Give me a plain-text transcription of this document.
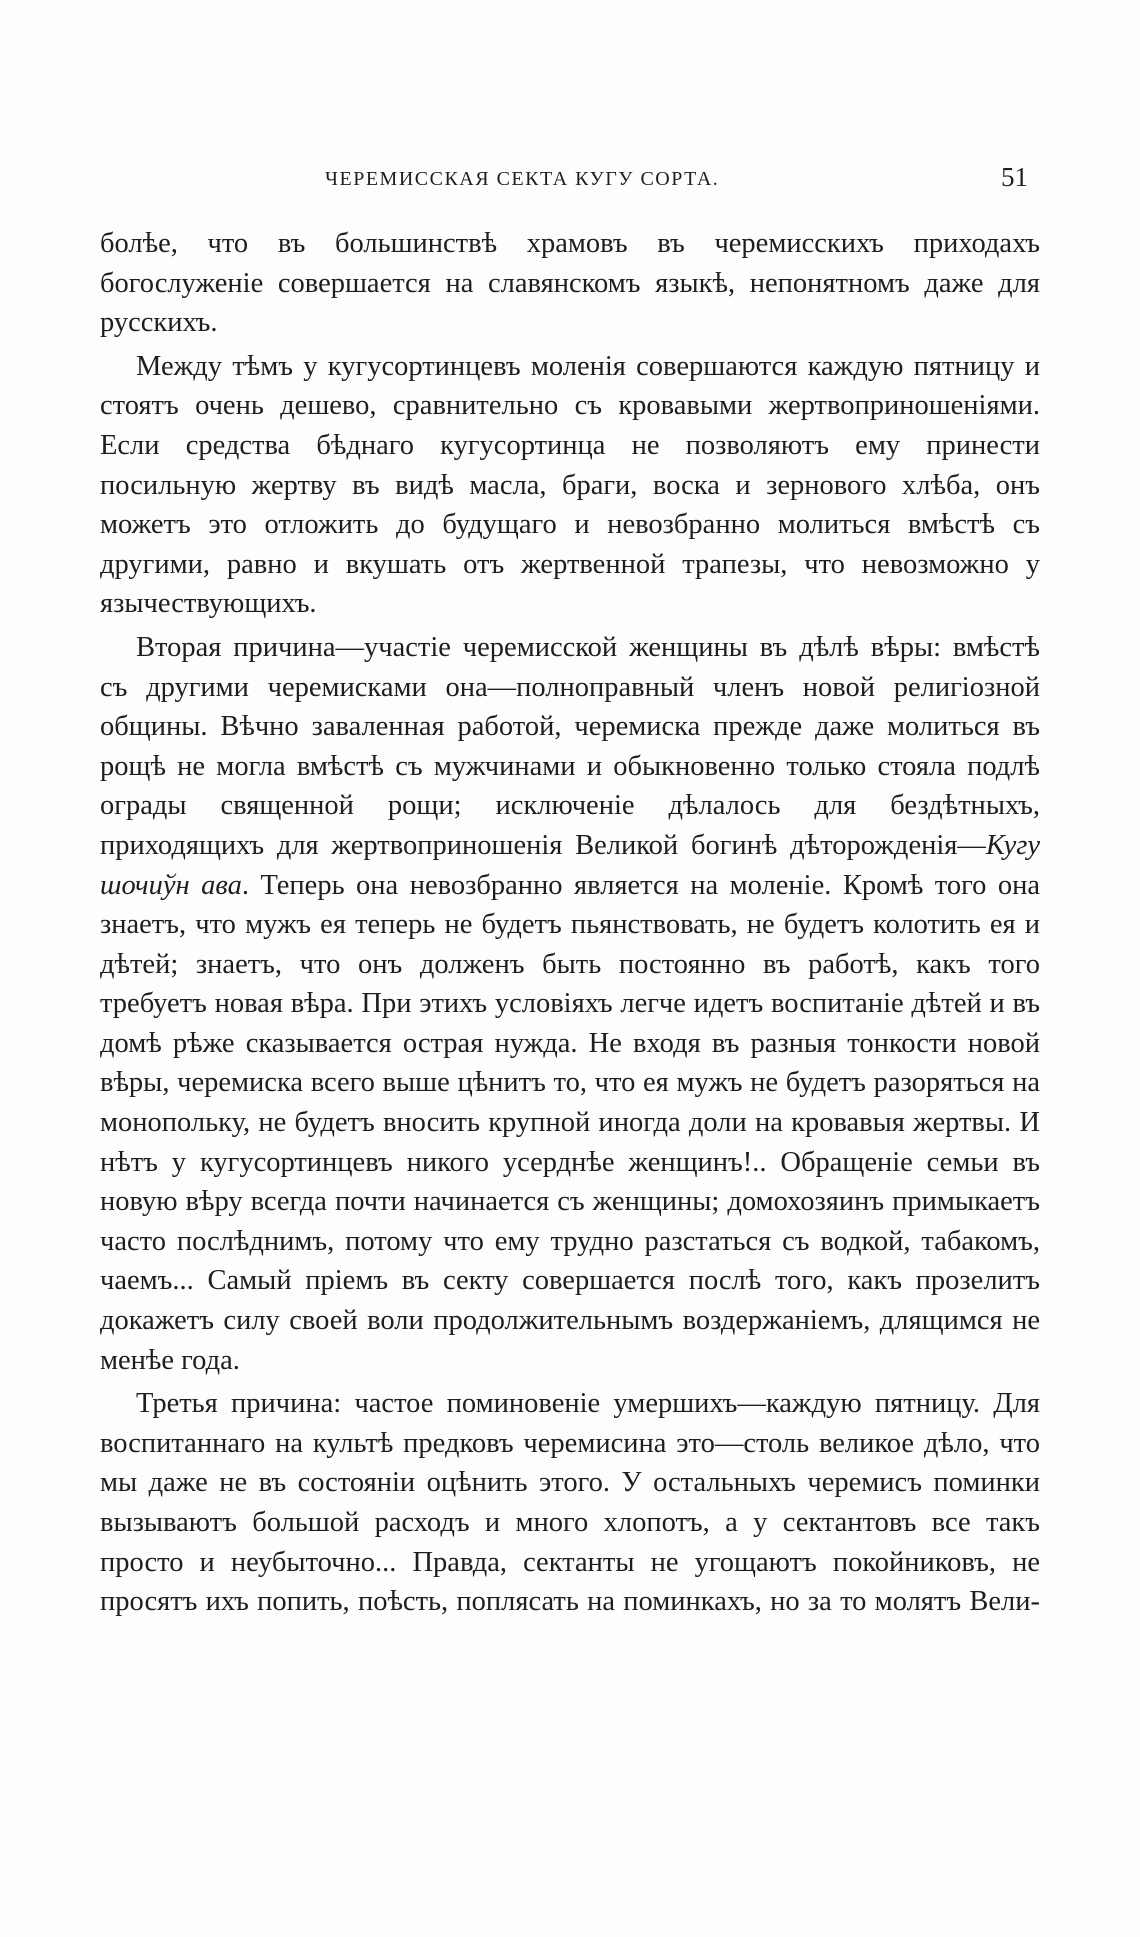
ЧЕРЕМИССКАЯ СЕКТА КУГУ СОРТА.	51

болѣе, что въ большинствѣ храмовъ въ черемисскихъ приходахъ богослуженіе совершается на славянскомъ языкѣ, непонятномъ даже для русскихъ.

Между тѣмъ у кугусортинцевъ моленія совершаются каждую пятницу и стоятъ очень дешево, сравнительно съ кровавыми жертвоприношеніями. Если средства бѣднаго кугусортинца не позволяютъ ему принести посильную жертву въ видѣ масла, браги, воска и зернового хлѣба, онъ можетъ это отложить до будущаго и невозбранно молиться вмѣстѣ съ другими, равно и вкушать отъ жертвенной трапезы, что невозможно у язычествующихъ.

Вторая причина—участіе черемисской женщины въ дѣлѣ вѣры: вмѣстѣ съ другими черемисками она—полноправный членъ новой религіозной общины. Вѣчно заваленная работой, черемиска прежде даже молиться въ рощѣ не могла вмѣстѣ съ мужчинами и обыкновенно только стояла подлѣ ограды священной рощи; исключеніе дѣлалось для бездѣтныхъ, приходящихъ для жертвоприношенія Великой богинѣ дѣторожденія—Кугу шочиўн ава. Теперь она невозбранно является на моленіе. Кромѣ того она знаетъ, что мужъ ея теперь не будетъ пьянствовать, не будетъ колотить ея и дѣтей; знаетъ, что онъ долженъ быть постоянно въ работѣ, какъ того требуетъ новая вѣра. При этихъ условіяхъ легче идетъ воспитаніе дѣтей и въ домѣ рѣже сказывается острая нужда. Не входя въ разныя тонкости новой вѣры, черемиска всего выше цѣнитъ то, что ея мужъ не будетъ разоряться на монопольку, не будетъ вносить крупной иногда доли на кровавыя жертвы. И нѣтъ у кугусортинцевъ никого усерднѣе женщинъ!.. Обращеніе семьи въ новую вѣру всегда почти начинается съ женщины; домохозяинъ примыкаетъ часто послѣднимъ, потому что ему трудно разстаться съ водкой, табакомъ, чаемъ... Самый пріемъ въ секту совершается послѣ того, какъ прозелитъ докажетъ силу своей воли продолжительнымъ воздержаніемъ, длящимся не менѣе года.

Третья причина: частое поминовеніе умершихъ—каждую пятницу. Для воспитаннаго на культѣ предковъ черемисина это—столь великое дѣло, что мы даже не въ состояніи оцѣнить этого. У остальныхъ черемисъ поминки вызываютъ большой расходъ и много хлопотъ, а у сектантовъ все такъ просто и неубыточно... Правда, сектанты не угощаютъ покойниковъ, не просятъ ихъ попить, поѣсть, поплясать на поминкахъ, но за то молятъ Вели-
